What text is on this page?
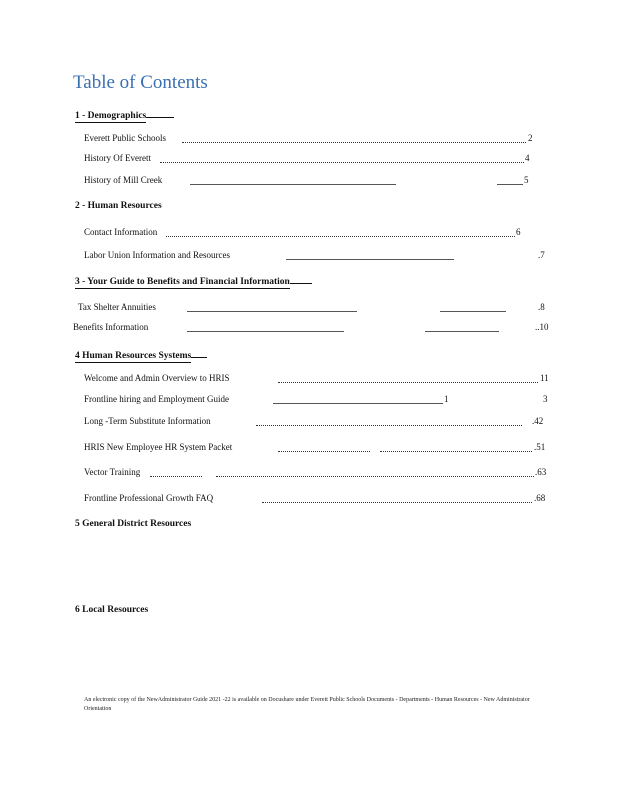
Table of Contents
1 - Demographics
Everett Public Schools	2
History Of Everett	4
History of Mill Creek	5
2 - Human Resources
Contact Information	6
Labor Union Information and Resources	.7
3 - Your Guide to Benefits and Financial Information
Tax Shelter Annuities	.8
Benefits Information	..10
4 Human Resources Systems
Welcome and Admin Overview to HRIS	11
Frontline hiring and Employment Guide	1	3
Long -Term Substitute Information	.42
HRIS New Employee HR System Packet	.51
Vector Training	.63
Frontline Professional Growth FAQ	.68
5 General District Resources
6 Local Resources
An electronic copy of the NewAdministrator Guide 2021 -22 is available on Docushare under Everett Public Schools Documents - Departments - Human Resources - New Administrator Orientation
